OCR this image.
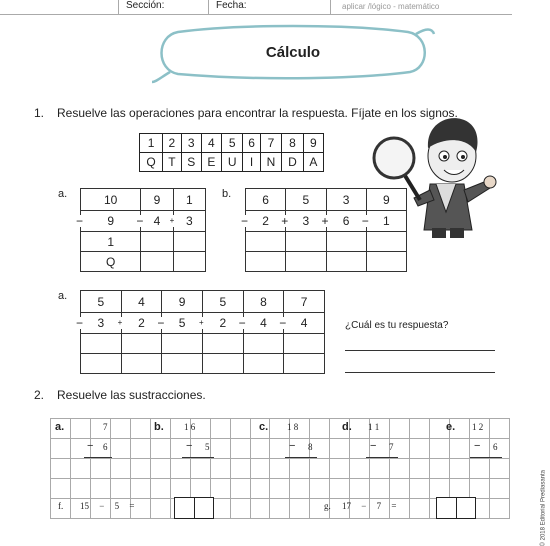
Sección:	Fecha:	aplicar /lógico - matemático
Cálculo
1. Resuelve las operaciones para encontrar la respuesta. Fíjate en los signos.
1	2	3	4	5	6	7	8	9
Q	T	S	E	U	I	N	D	A
a.	10	9	1

− 9	− 4	+ 3
1		
Q		
b.	6	5	3	9

− 2	+ 3	+ 6	− 1

a.	5	4	9	5	8	7

− 3	+ 2	− 5	+ 2	− 4	− 4

						¿Cuál es tu respuesta?
2. Resuelve las sustracciones.

a.	7
− 6
b. 1 6
− 5
c. 1 8
− 8
d. 1 1
− 7
e. 1 2
− 6
f. 15 − 5 =	g. 17 − 7 =	© 2018 Editorial Prediasanta
